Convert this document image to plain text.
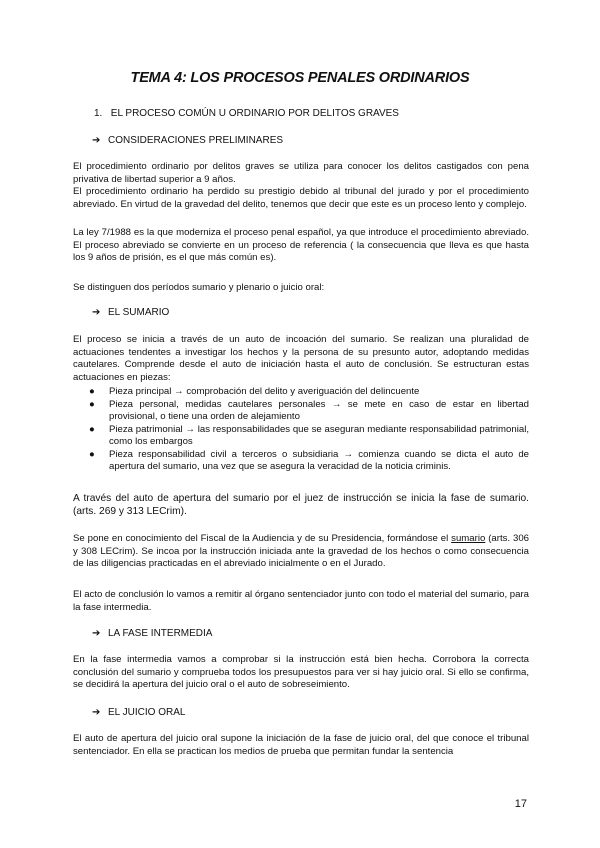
TEMA 4: LOS PROCESOS PENALES ORDINARIOS
1. EL PROCESO COMÚN U ORDINARIO POR DELITOS GRAVES
➔ CONSIDERACIONES PRELIMINARES
El procedimiento ordinario por delitos graves se utiliza para conocer los delitos castigados con pena privativa de libertad superior a 9 años.
El procedimiento ordinario ha perdido su prestigio debido al tribunal del jurado y por el procedimiento abreviado. En virtud de la gravedad del delito, tenemos que decir que este es un proceso lento y complejo.
La ley 7/1988 es la que moderniza el proceso penal español, ya que introduce el procedimiento abreviado. El proceso abreviado se convierte en un proceso de referencia ( la consecuencia que lleva es que hasta los 9 años de prisión, es el que más común es).
Se distinguen dos períodos sumario y plenario o juicio oral:
➔ EL SUMARIO
El proceso se inicia a través de un auto de incoación del sumario. Se realizan una pluralidad de actuaciones tendentes a investigar los hechos y la persona de su presunto autor, adoptando medidas cautelares. Comprende desde el auto de iniciación hasta el auto de conclusión. Se estructuran estas actuaciones en piezas:
● Pieza principal → comprobación del delito y averiguación del delincuente
● Pieza personal, medidas cautelares personales → se mete en caso de estar en libertad provisional, o tiene una orden de alejamiento
● Pieza patrimonial → las responsabilidades que se aseguran mediante responsabilidad patrimonial, como los embargos
● Pieza responsabilidad civil a terceros o subsidiaria → comienza cuando se dicta el auto de apertura del sumario, una vez que se asegura la veracidad de la noticia criminis.
A través del auto de apertura del sumario por el juez de instrucción se inicia la fase de sumario. (arts. 269 y 313 LECrim).
Se pone en conocimiento del Fiscal de la Audiencia y de su Presidencia, formándose el sumario (arts. 306 y 308 LECrim). Se incoa por la instrucción iniciada ante la gravedad de los hechos o como consecuencia de las diligencias practicadas en el abreviado inicialmente o en el Jurado.
El acto de conclusión lo vamos a remitir al órgano sentenciador junto con todo el material del sumario, para la fase intermedia.
➔ LA FASE INTERMEDIA
En la fase intermedia vamos a comprobar si la instrucción está bien hecha. Corrobora la correcta conclusión del sumario y comprueba todos los presupuestos para ver si hay juicio oral. Si ello se confirma, se decidirá la apertura del juicio oral o el auto de sobreseimiento.
➔ EL JUICIO ORAL
El auto de apertura del juicio oral supone la iniciación de la fase de juicio oral, del que conoce el tribunal sentenciador. En ella se practican los medios de prueba que permitan fundar la sentencia
17
